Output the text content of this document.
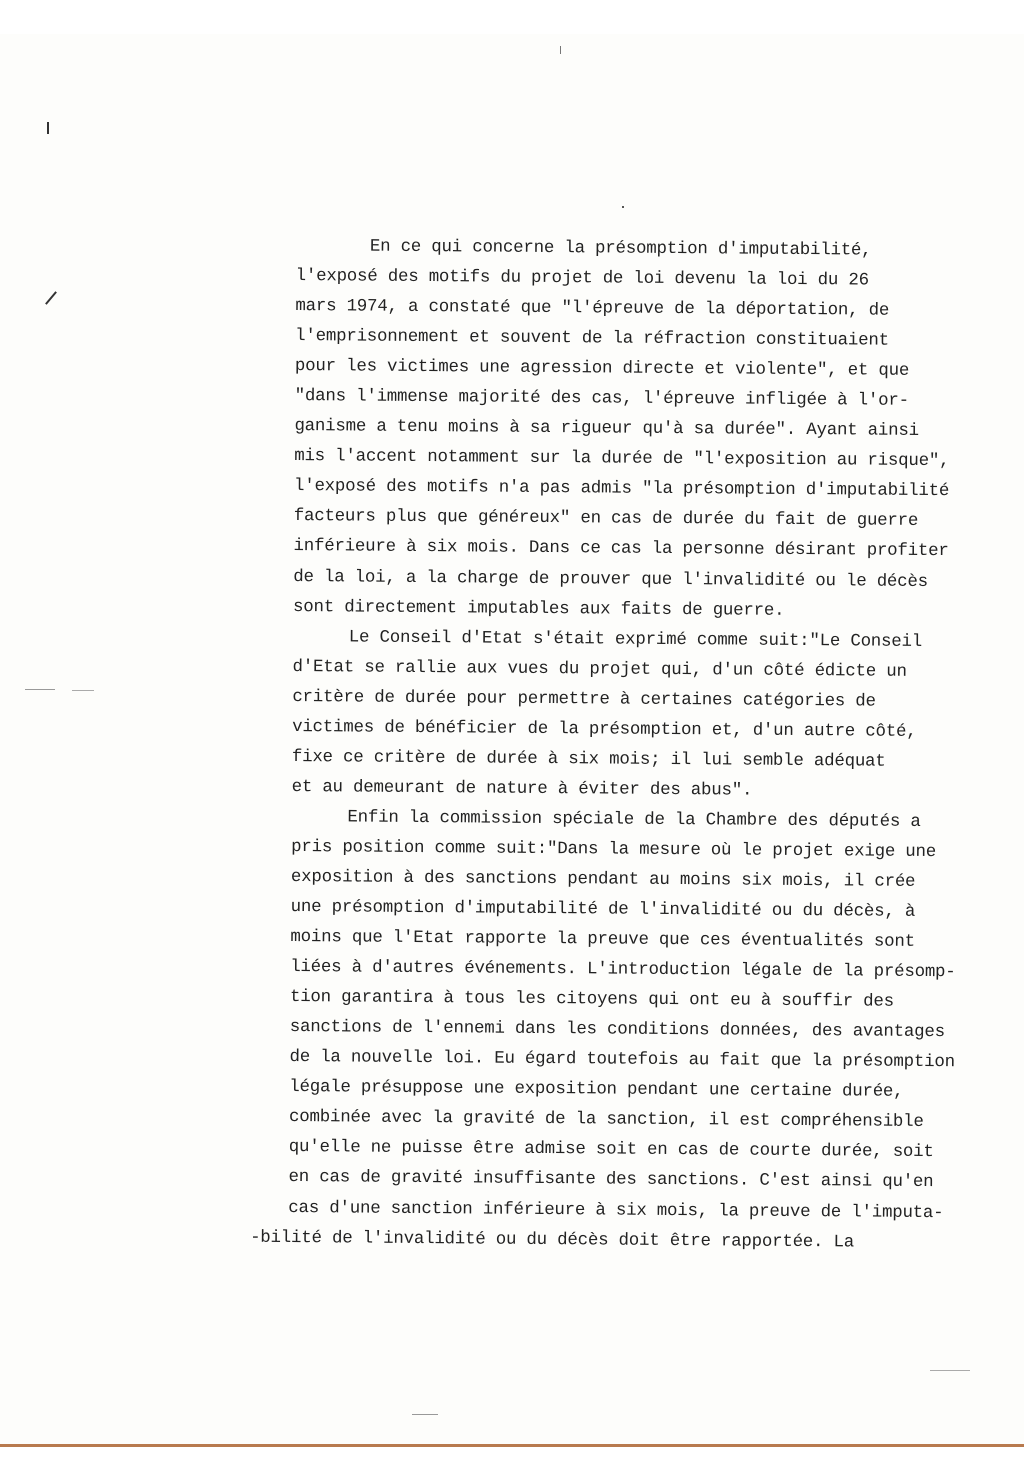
En ce qui concerne la présomption d'imputabilité,
l'exposé des motifs du projet de loi devenu la loi du 26
mars 1974, a constaté que "l'épreuve de la déportation, de
l'emprisonnement et souvent de la réfraction constituaient
pour les victimes une agression directe et violente", et que
"dans l'immense majorité des cas, l'épreuve infligée à l'or-
ganisme a tenu moins à sa rigueur qu'à sa durée". Ayant ainsi
mis l'accent notamment sur la durée de "l'exposition au risque",
l'exposé des motifs n'a pas admis "la présomption d'imputabilité
facteurs plus que généreux" en cas de durée du fait de guerre
inférieure à six mois. Dans ce cas la personne désirant profiter
de la loi, a la charge de prouver que l'invalidité ou le décès
sont directement imputables aux faits de guerre.
Le Conseil d'Etat s'était exprimé comme suit:"Le Conseil
d'Etat se rallie aux vues du projet qui, d'un côté édicte un
critère de durée pour permettre à certaines catégories de
victimes de bénéficier de la présomption et, d'un autre côté,
fixe ce critère de durée à six mois; il lui semble adéquat
et au demeurant de nature à éviter des abus".
Enfin la commission spéciale de la Chambre des députés a
pris position comme suit:"Dans la mesure où le projet exige une
exposition à des sanctions pendant au moins six mois, il crée
une présomption d'imputabilité de l'invalidité ou du décès, à
moins que l'Etat rapporte la preuve que ces éventualités sont
liées à d'autres événements. L'introduction légale de la présomp-
tion garantira à tous les citoyens qui ont eu à souffir des
sanctions de l'ennemi dans les conditions données, des avantages
de la nouvelle loi. Eu égard toutefois au fait que la présomption
légale présuppose une exposition pendant une certaine durée,
combinée avec la gravité de la sanction, il est compréhensible
qu'elle ne puisse être admise soit en cas de courte durée, soit
en cas de gravité insuffisante des sanctions. C'est ainsi qu'en
cas d'une sanction inférieure à six mois, la preuve de l'imputa-
-bilité de l'invalidité ou du décès doit être rapportée. La
